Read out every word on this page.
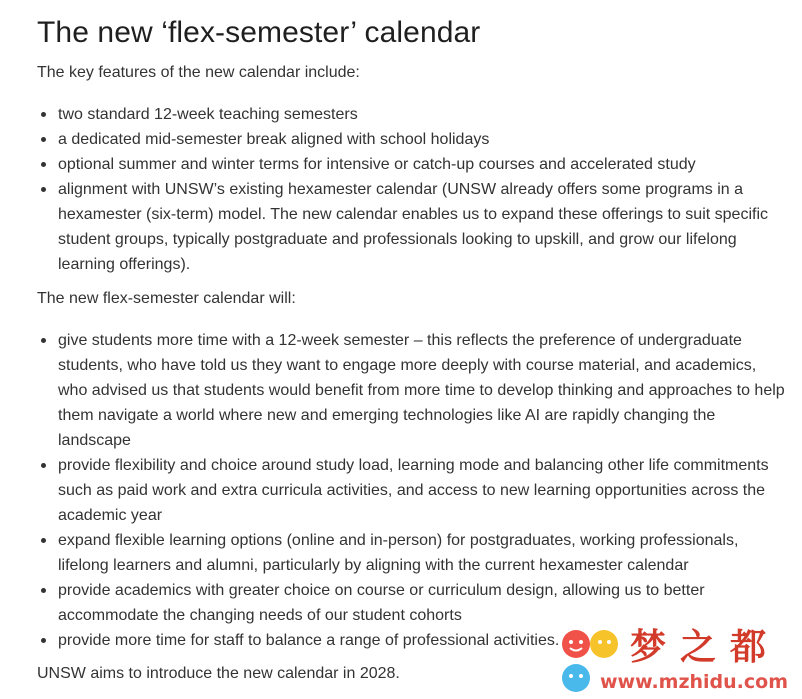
The new ‘flex-semester’ calendar

The key features of the new calendar include:

two standard 12-week teaching semesters
a dedicated mid-semester break aligned with school holidays
optional summer and winter terms for intensive or catch-up courses and accelerated study
alignment with UNSW’s existing hexamester calendar (UNSW already offers some programs in a hexamester (six-term) model. The new calendar enables us to expand these offerings to suit specific student groups, typically postgraduate and professionals looking to upskill, and grow our lifelong learning offerings).

The new flex-semester calendar will:

give students more time with a 12-week semester – this reflects the preference of undergraduate students, who have told us they want to engage more deeply with course material, and academics, who advised us that students would benefit from more time to develop thinking and approaches to help them navigate a world where new and emerging technologies like AI are rapidly changing the landscape
provide flexibility and choice around study load, learning mode and balancing other life commitments such as paid work and extra curricula activities, and access to new learning opportunities across the academic year
expand flexible learning options (online and in-person) for postgraduates, working professionals, lifelong learners and alumni, particularly by aligning with the current hexamester calendar
provide academics with greater choice on course or curriculum design, allowing us to better accommodate the changing needs of our student cohorts
provide more time for staff to balance a range of professional activities.

UNSW aims to introduce the new calendar in 2028.

梦之都
www.mzhidu.com
